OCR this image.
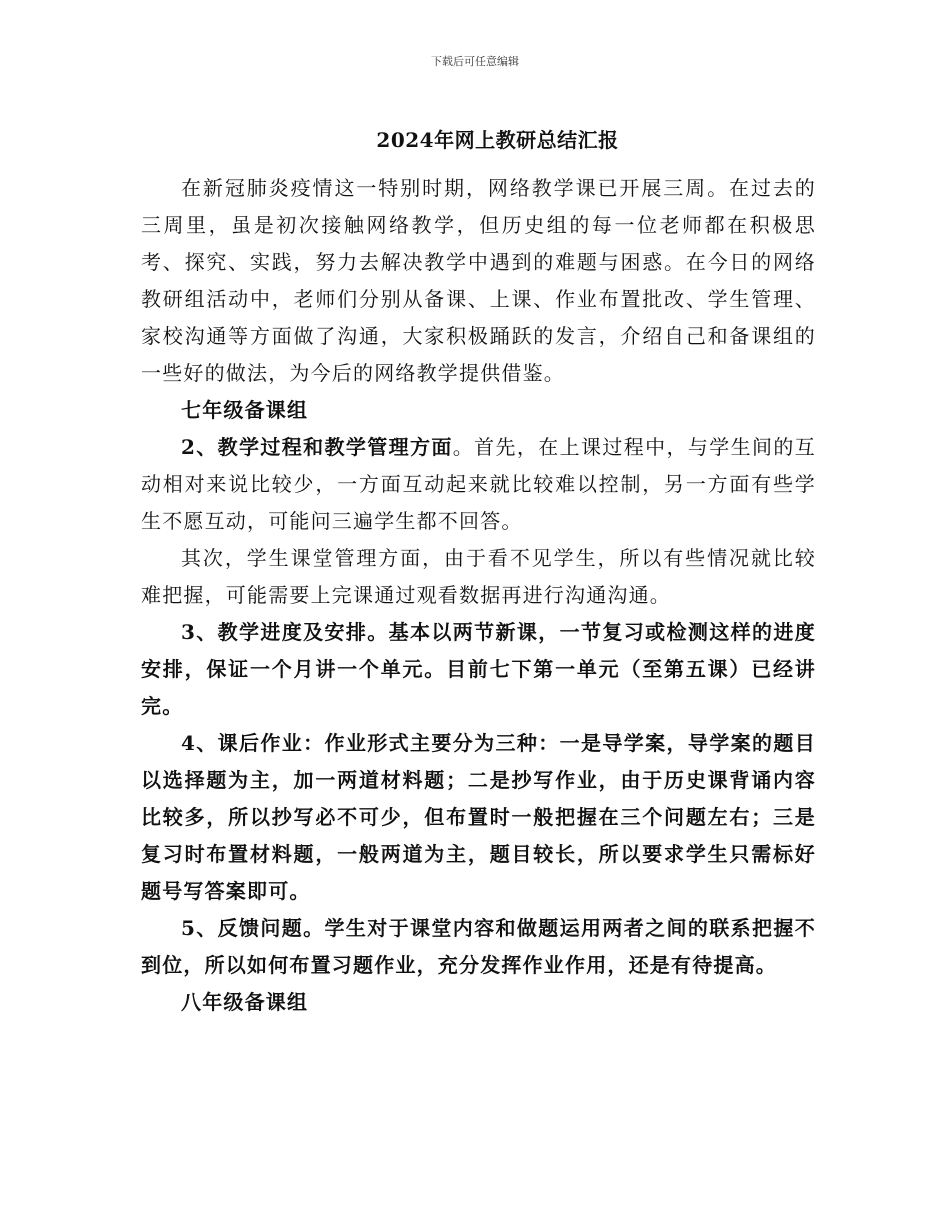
下载后可任意编辑
2024年网上教研总结汇报

在新冠肺炎疫情这一特别时期，网络教学课已开展三周。在过去的三周里，虽是初次接触网络教学，但历史组的每一位老师都在积极思考、探究、实践，努力去解决教学中遇到的难题与困惑。在今日的网络教研组活动中，老师们分别从备课、上课、作业布置批改、学生管理、家校沟通等方面做了沟通，大家积极踊跃的发言，介绍自己和备课组的一些好的做法，为今后的网络教学提供借鉴。

七年级备课组

2、教学过程和教学管理方面。首先，在上课过程中，与学生间的互动相对来说比较少，一方面互动起来就比较难以控制，另一方面有些学生不愿互动，可能问三遍学生都不回答。

其次，学生课堂管理方面，由于看不见学生，所以有些情况就比较难把握，可能需要上完课通过观看数据再进行沟通沟通。

3、教学进度及安排。基本以两节新课，一节复习或检测这样的进度安排，保证一个月讲一个单元。目前七下第一单元（至第五课）已经讲完。

4、课后作业：作业形式主要分为三种：一是导学案，导学案的题目以选择题为主，加一两道材料题；二是抄写作业，由于历史课背诵内容比较多，所以抄写必不可少，但布置时一般把握在三个问题左右；三是复习时布置材料题，一般两道为主，题目较长，所以要求学生只需标好题号写答案即可。

5、反馈问题。学生对于课堂内容和做题运用两者之间的联系把握不到位，所以如何布置习题作业，充分发挥作业作用，还是有待提高。

八年级备课组
